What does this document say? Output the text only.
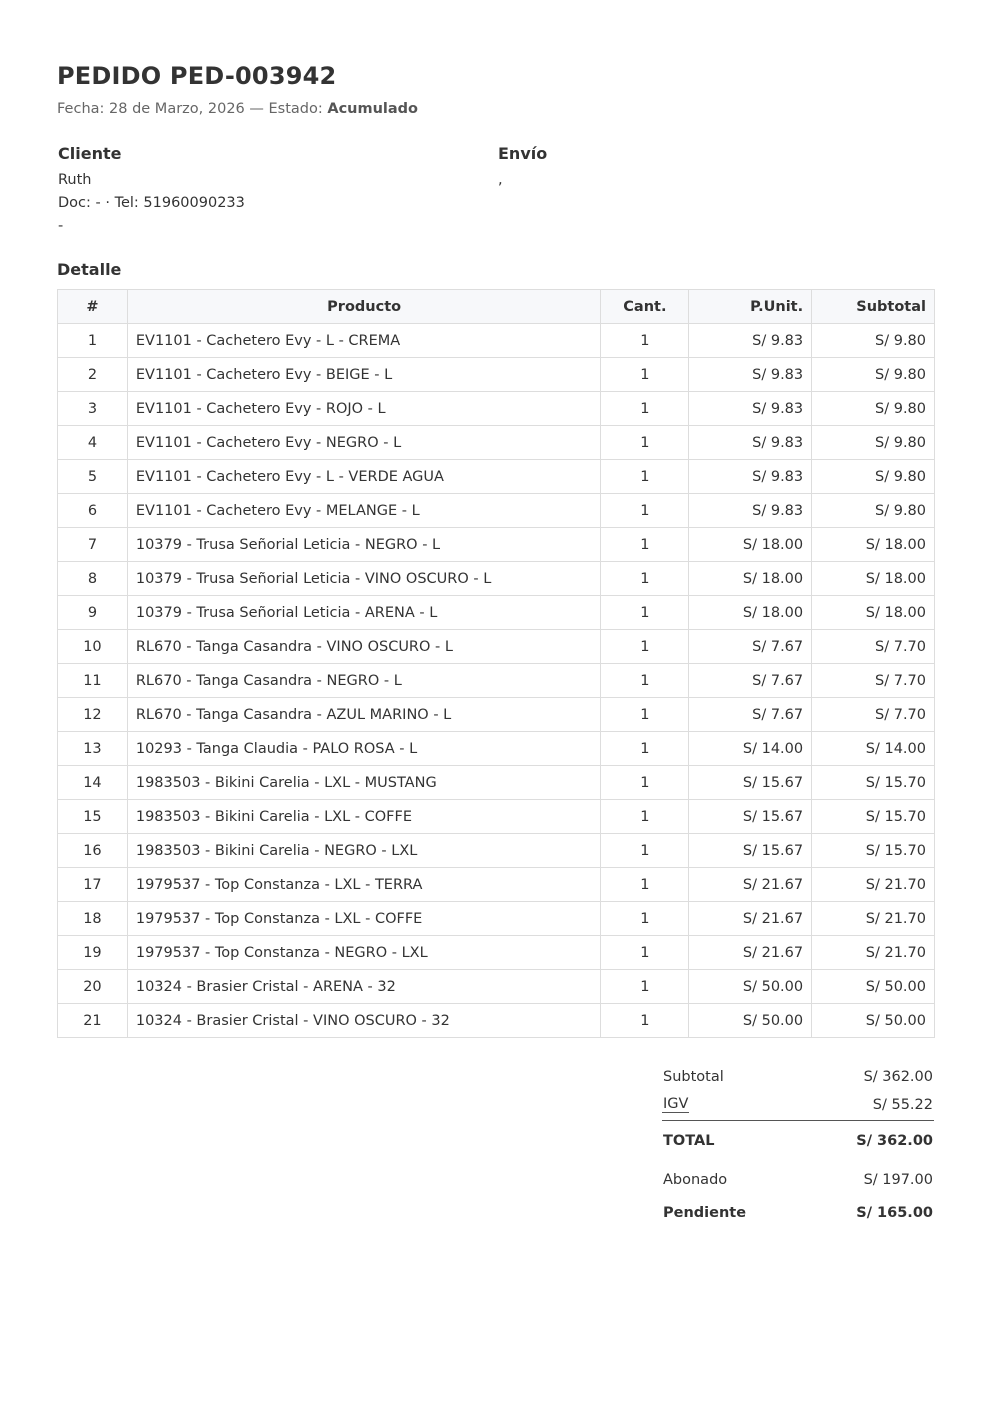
PEDIDO PED-003942
Fecha: 28 de Marzo, 2026 — Estado: Acumulado
Cliente
Ruth
Doc: - · Tel: 51960090233
-
Envío
,
Detalle
#	Producto	Cant.	P.Unit.	Subtotal
1	EV1101 - Cachetero Evy - L - CREMA	1	S/ 9.83	S/ 9.80
2	EV1101 - Cachetero Evy - BEIGE - L	1	S/ 9.83	S/ 9.80
3	EV1101 - Cachetero Evy - ROJO - L	1	S/ 9.83	S/ 9.80
4	EV1101 - Cachetero Evy - NEGRO - L	1	S/ 9.83	S/ 9.80
5	EV1101 - Cachetero Evy - L - VERDE AGUA	1	S/ 9.83	S/ 9.80
6	EV1101 - Cachetero Evy - MELANGE - L	1	S/ 9.83	S/ 9.80
7	10379 - Trusa Señorial Leticia - NEGRO - L	1	S/ 18.00	S/ 18.00
8	10379 - Trusa Señorial Leticia - VINO OSCURO - L	1	S/ 18.00	S/ 18.00
9	10379 - Trusa Señorial Leticia - ARENA - L	1	S/ 18.00	S/ 18.00
10	RL670 - Tanga Casandra - VINO OSCURO - L	1	S/ 7.67	S/ 7.70
11	RL670 - Tanga Casandra - NEGRO - L	1	S/ 7.67	S/ 7.70
12	RL670 - Tanga Casandra - AZUL MARINO - L	1	S/ 7.67	S/ 7.70
13	10293 - Tanga Claudia - PALO ROSA - L	1	S/ 14.00	S/ 14.00
14	1983503 - Bikini Carelia - LXL - MUSTANG	1	S/ 15.67	S/ 15.70
15	1983503 - Bikini Carelia - LXL - COFFE	1	S/ 15.67	S/ 15.70
16	1983503 - Bikini Carelia - NEGRO - LXL	1	S/ 15.67	S/ 15.70
17	1979537 - Top Constanza - LXL - TERRA	1	S/ 21.67	S/ 21.70
18	1979537 - Top Constanza - LXL - COFFE	1	S/ 21.67	S/ 21.70
19	1979537 - Top Constanza - NEGRO - LXL	1	S/ 21.67	S/ 21.70
20	10324 - Brasier Cristal - ARENA - 32	1	S/ 50.00	S/ 50.00
21	10324 - Brasier Cristal - VINO OSCURO - 32	1	S/ 50.00	S/ 50.00
Subtotal	S/ 362.00
IGV	S/ 55.22
TOTAL	S/ 362.00
Abonado	S/ 197.00
Pendiente	S/ 165.00
